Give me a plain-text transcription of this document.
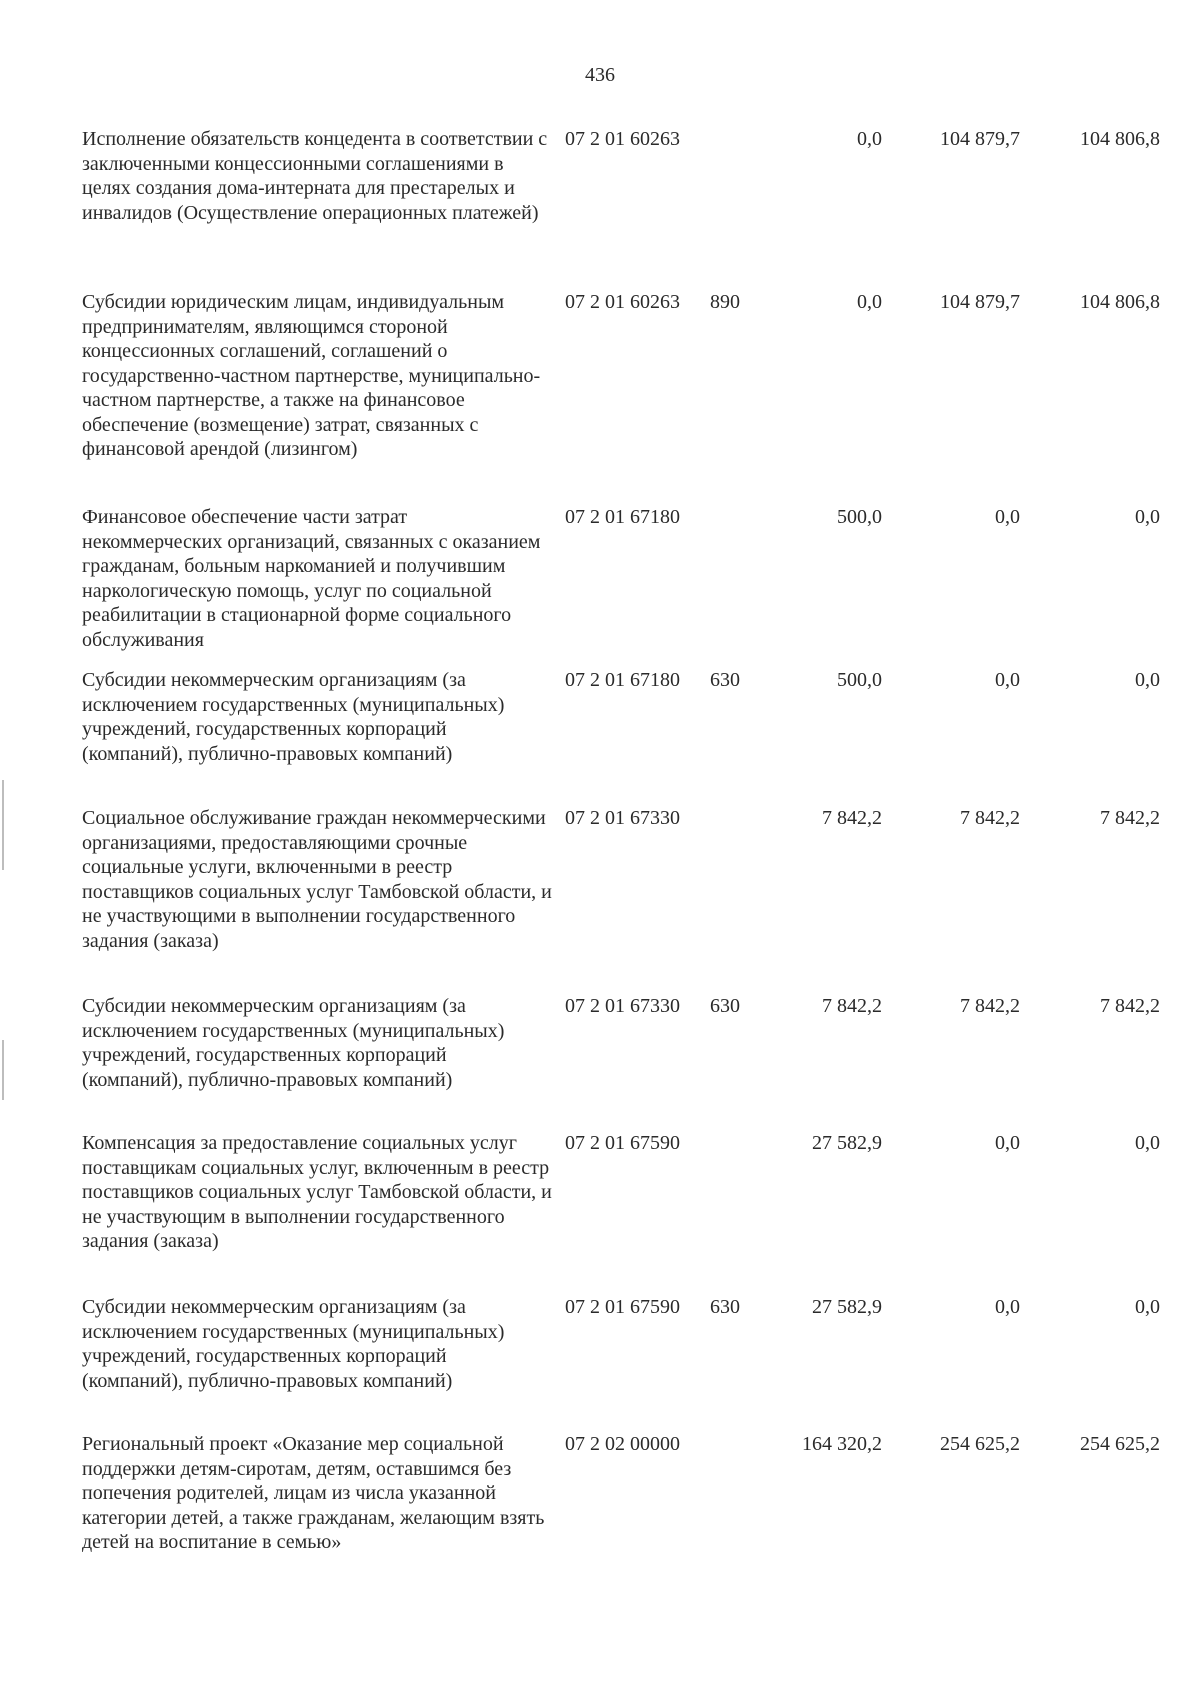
436
Исполнение обязательств концедента в соответствии с заключенными концессионными соглашениями в целях создания дома-интерната для престарелых и инвалидов (Осуществление операционных платежей)
07 2 01 60263	0,0	104 879,7	104 806,8
Субсидии юридическим лицам, индивидуальным предпринимателям, являющимся стороной концессионных соглашений, соглашений о государственно-частном партнерстве, муниципально-частном партнерстве, а также на финансовое обеспечение (возмещение) затрат, связанных с финансовой арендой (лизингом)
07 2 01 60263 890	0,0	104 879,7	104 806,8
Финансовое обеспечение части затрат некоммерческих организаций, связанных с оказанием гражданам, больным наркоманией и получившим наркологическую помощь, услуг по социальной реабилитации в стационарной форме социального обслуживания
07 2 01 67180	500,0	0,0	0,0
Субсидии некоммерческим организациям (за исключением государственных (муниципальных) учреждений, государственных корпораций (компаний), публично-правовых компаний)
07 2 01 67180 630	500,0	0,0	0,0
Социальное обслуживание граждан некоммерческими организациями, предоставляющими срочные социальные услуги, включенными в реестр поставщиков социальных услуг Тамбовской области, и не участвующими в выполнении государственного задания (заказа)
07 2 01 67330	7 842,2	7 842,2	7 842,2
Субсидии некоммерческим организациям (за исключением государственных (муниципальных) учреждений, государственных корпораций (компаний), публично-правовых компаний)
07 2 01 67330 630	7 842,2	7 842,2	7 842,2
Компенсация за предоставление социальных услуг поставщикам социальных услуг, включенным в реестр поставщиков социальных услуг Тамбовской области, и не участвующим в выполнении государственного задания (заказа)
07 2 01 67590	27 582,9	0,0	0,0
Субсидии некоммерческим организациям (за исключением государственных (муниципальных) учреждений, государственных корпораций (компаний), публично-правовых компаний)
07 2 01 67590 630	27 582,9	0,0	0,0
Региональный проект «Оказание мер социальной поддержки детям-сиротам, детям, оставшимся без попечения родителей, лицам из числа указанной категории детей, а также гражданам, желающим взять детей на воспитание в семью»
07 2 02 00000	164 320,2	254 625,2	254 625,2
